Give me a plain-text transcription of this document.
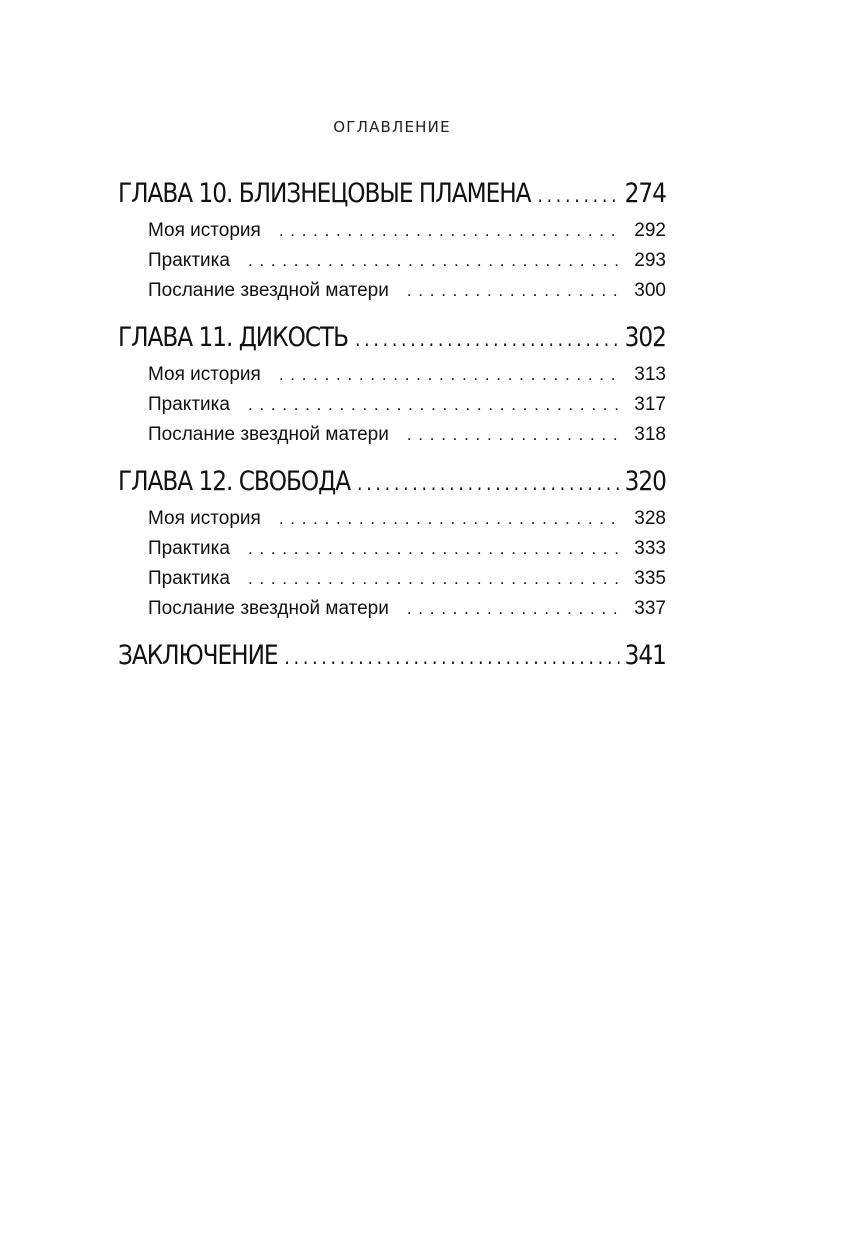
ОГЛАВЛЕНИЕ
ГЛАВА 10. БЛИЗНЕЦОВЫЕ ПЛАМЕНА . . .	274
Моя история . . .	292
Практика . . .	293
Послание звездной матери . . .	300
ГЛАВА 11. ДИКОСТЬ . . .	302
Моя история . . .	313
Практика . . .	317
Послание звездной матери . . .	318
ГЛАВА 12. СВОБОДА . . .	320
Моя история . . .	328
Практика . . .	333
Практика . . .	335
Послание звездной матери . . .	337
ЗАКЛЮЧЕНИЕ . . .	341
